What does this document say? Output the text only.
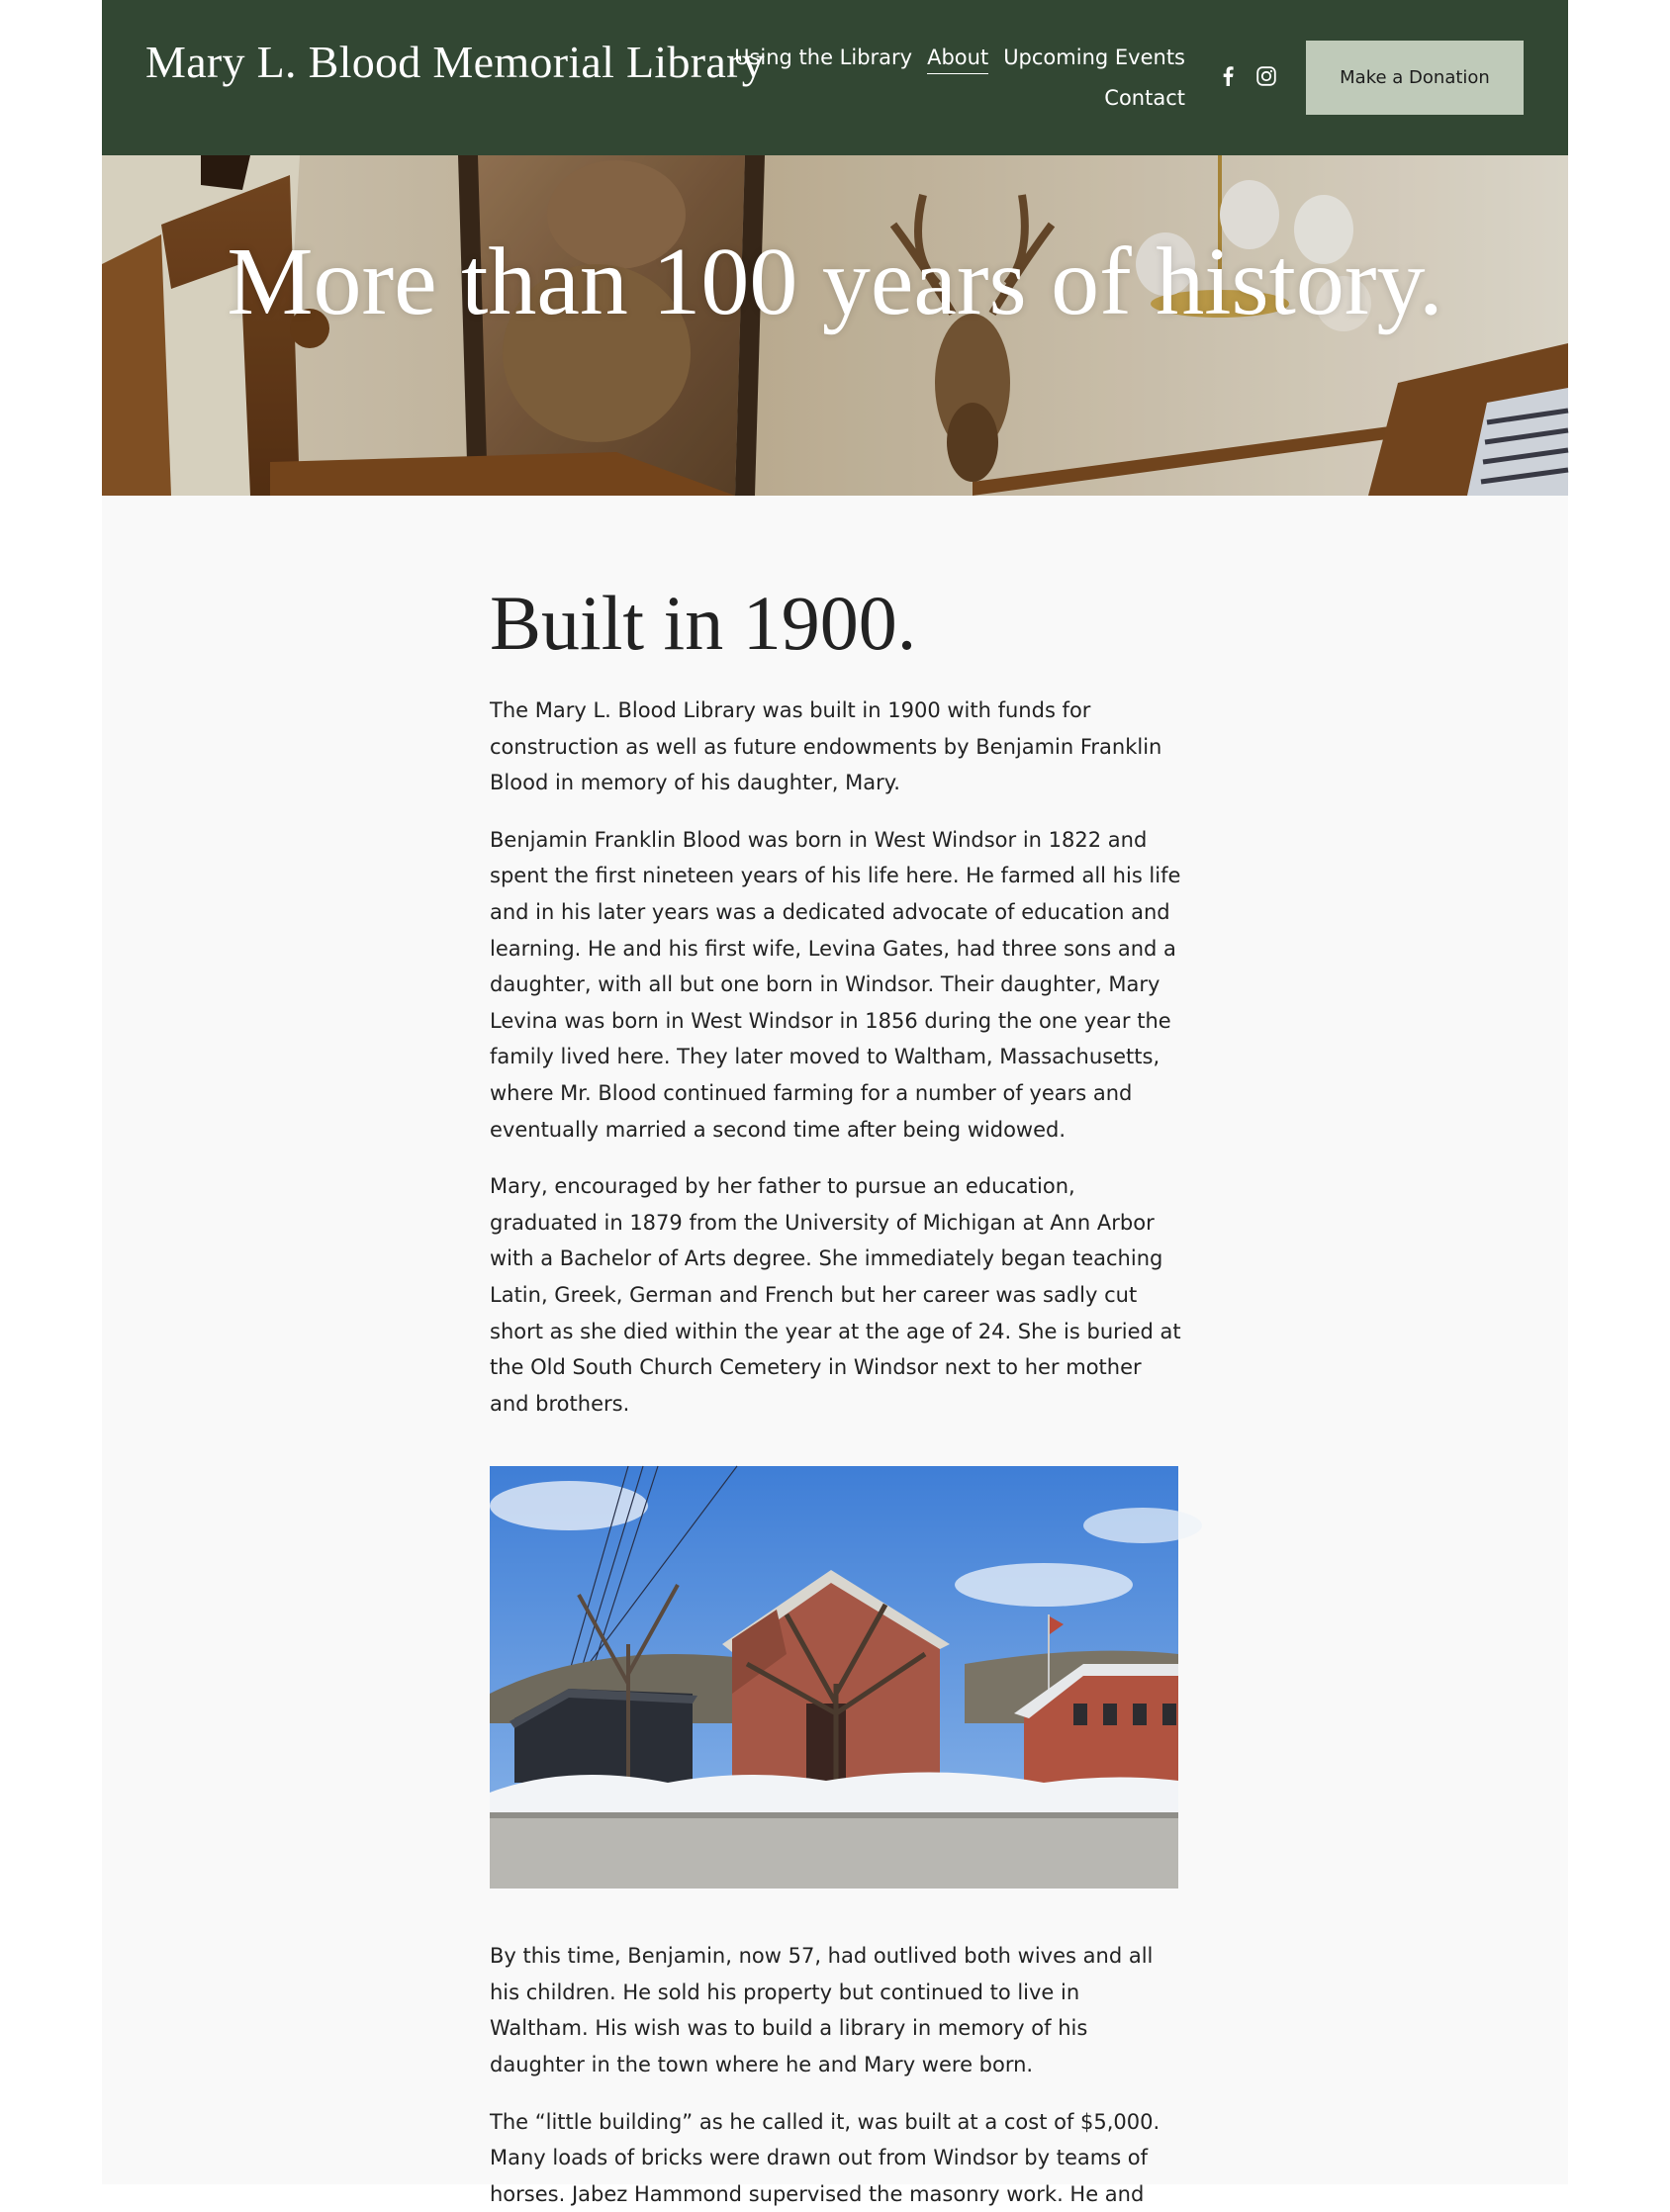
Mary L. Blood Memorial Library
Using the Library About Upcoming Events
Contact
Make a Donation
More than 100 years of history.
Built in 1900.

The Mary L. Blood Library was built in 1900 with funds for construction as well as future endowments by Benjamin Franklin Blood in memory of his daughter, Mary.

Benjamin Franklin Blood was born in West Windsor in 1822 and spent the first nineteen years of his life here. He farmed all his life and in his later years was a dedicated advocate of education and learning. He and his first wife, Levina Gates, had three sons and a daughter, with all but one born in Windsor. Their daughter, Mary Levina was born in West Windsor in 1856 during the one year the family lived here. They later moved to Waltham, Massachusetts, where Mr. Blood continued farming for a number of years and eventually married a second time after being widowed.

Mary, encouraged by her father to pursue an education, graduated in 1879 from the University of Michigan at Ann Arbor with a Bachelor of Arts degree. She immediately began teaching Latin, Greek, German and French but her career was sadly cut short as she died within the year at the age of 24. She is buried at the Old South Church Cemetery in Windsor next to her mother and brothers.

By this time, Benjamin, now 57, had outlived both wives and all his children. He sold his property but continued to live in Waltham. His wish was to build a library in memory of his daughter in the town where he and Mary were born.

The “little building” as he called it, was built at a cost of $5,000. Many loads of bricks were drawn out from Windsor by teams of horses. Jabez Hammond supervised the masonry work. He and
